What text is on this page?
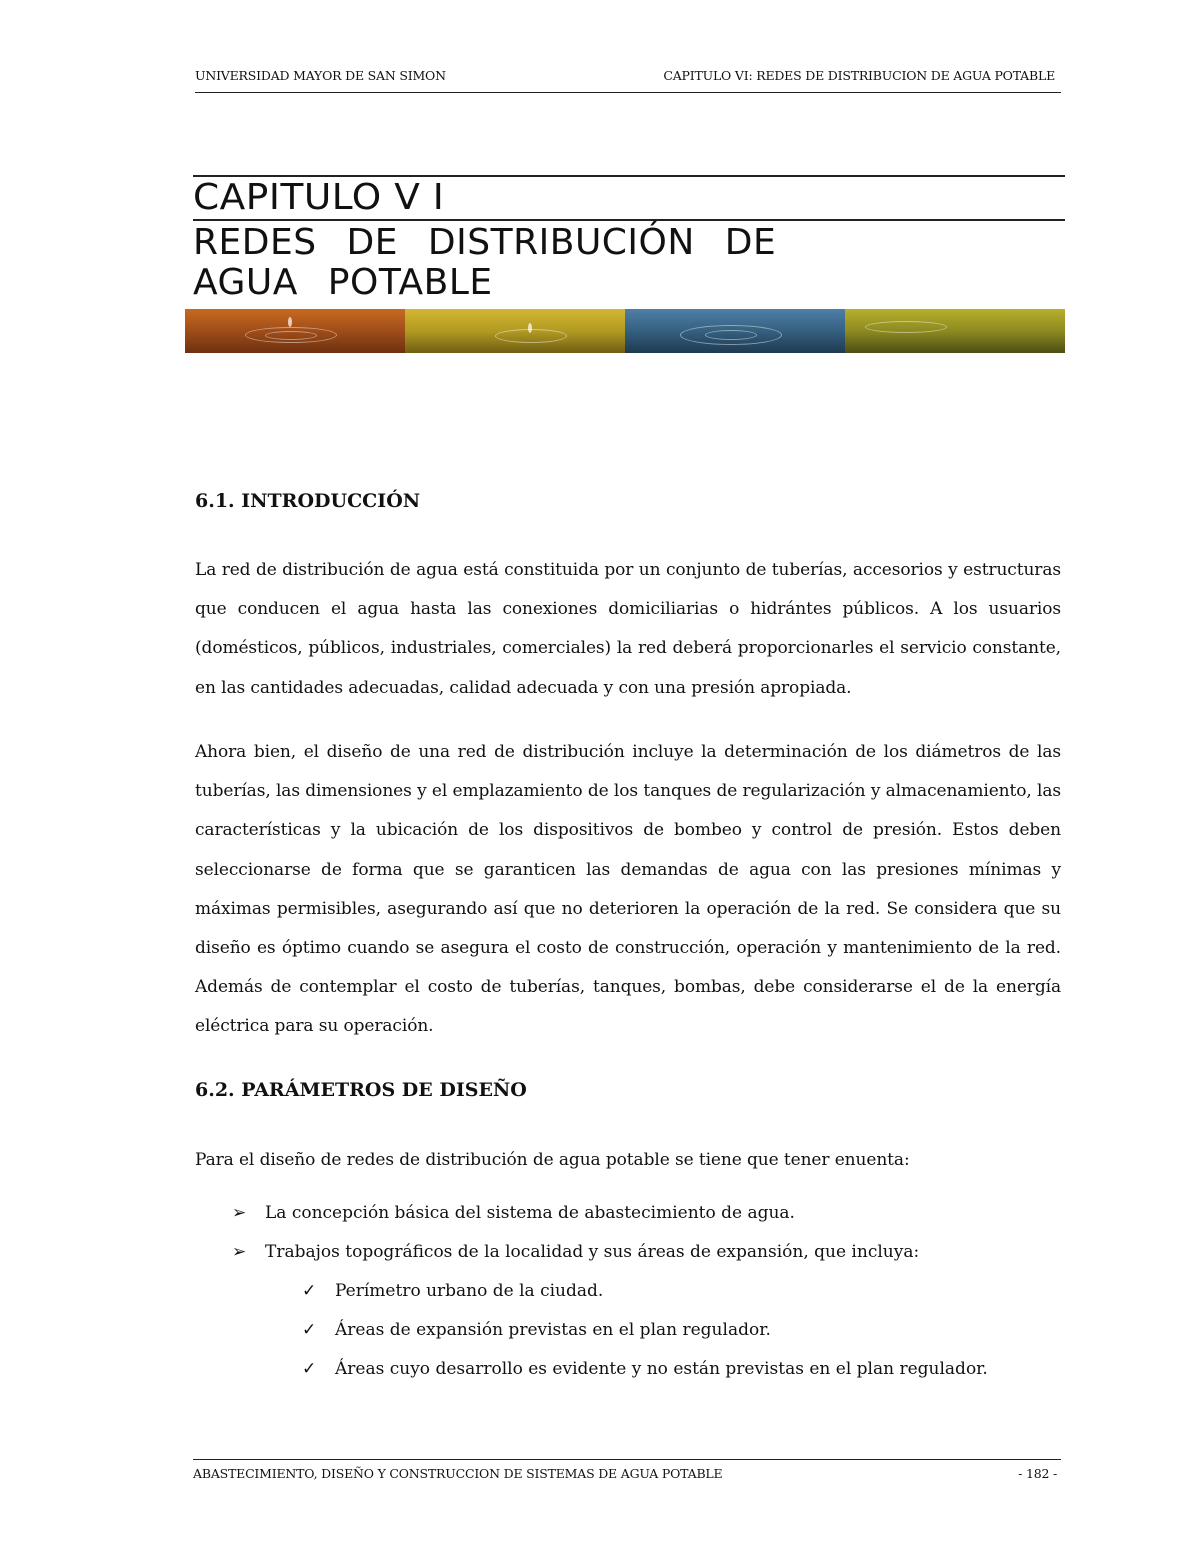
UNIVERSIDAD MAYOR DE SAN SIMON	CAPITULO VI: REDES DE DISTRIBUCION DE AGUA POTABLE
CAPITULO V I
REDES DE DISTRIBUCIÓN DE
AGUA POTABLE
6.1. INTRODUCCIÓN
La red de distribución de agua está constituida por un conjunto de tuberías, accesorios y estructuras que conducen el agua hasta las conexiones domiciliarias o hidrántes públicos. A los usuarios (domésticos, públicos, industriales, comerciales) la red deberá proporcionarles el servicio constante, en las cantidades adecuadas, calidad adecuada y con una presión apropiada.
Ahora bien, el diseño de una red de distribución incluye la determinación de los diámetros de las tuberías, las dimensiones y el emplazamiento de los tanques de regularización y almacenamiento, las características y la ubicación de los dispositivos de bombeo y control de presión. Estos deben seleccionarse de forma que se garanticen las demandas de agua con las presiones mínimas y máximas permisibles, asegurando así que no deterioren la operación de la red. Se considera que su diseño es óptimo cuando se asegura el costo de construcción, operación y mantenimiento de la red. Además de contemplar el costo de tuberías, tanques, bombas, debe considerarse el de la energía eléctrica para su operación.
6.2. PARÁMETROS DE DISEÑO
Para el diseño de redes de distribución de agua potable se tiene que tener enuenta:
➢ La concepción básica del sistema de abastecimiento de agua.
➢ Trabajos topográficos de la localidad y sus áreas de expansión, que incluya:
✓ Perímetro urbano de la ciudad.
✓ Áreas de expansión previstas en el plan regulador.
✓ Áreas cuyo desarrollo es evidente y no están previstas en el plan regulador.
ABASTECIMIENTO, DISEÑO Y CONSTRUCCION DE SISTEMAS DE AGUA POTABLE	- 182 -
